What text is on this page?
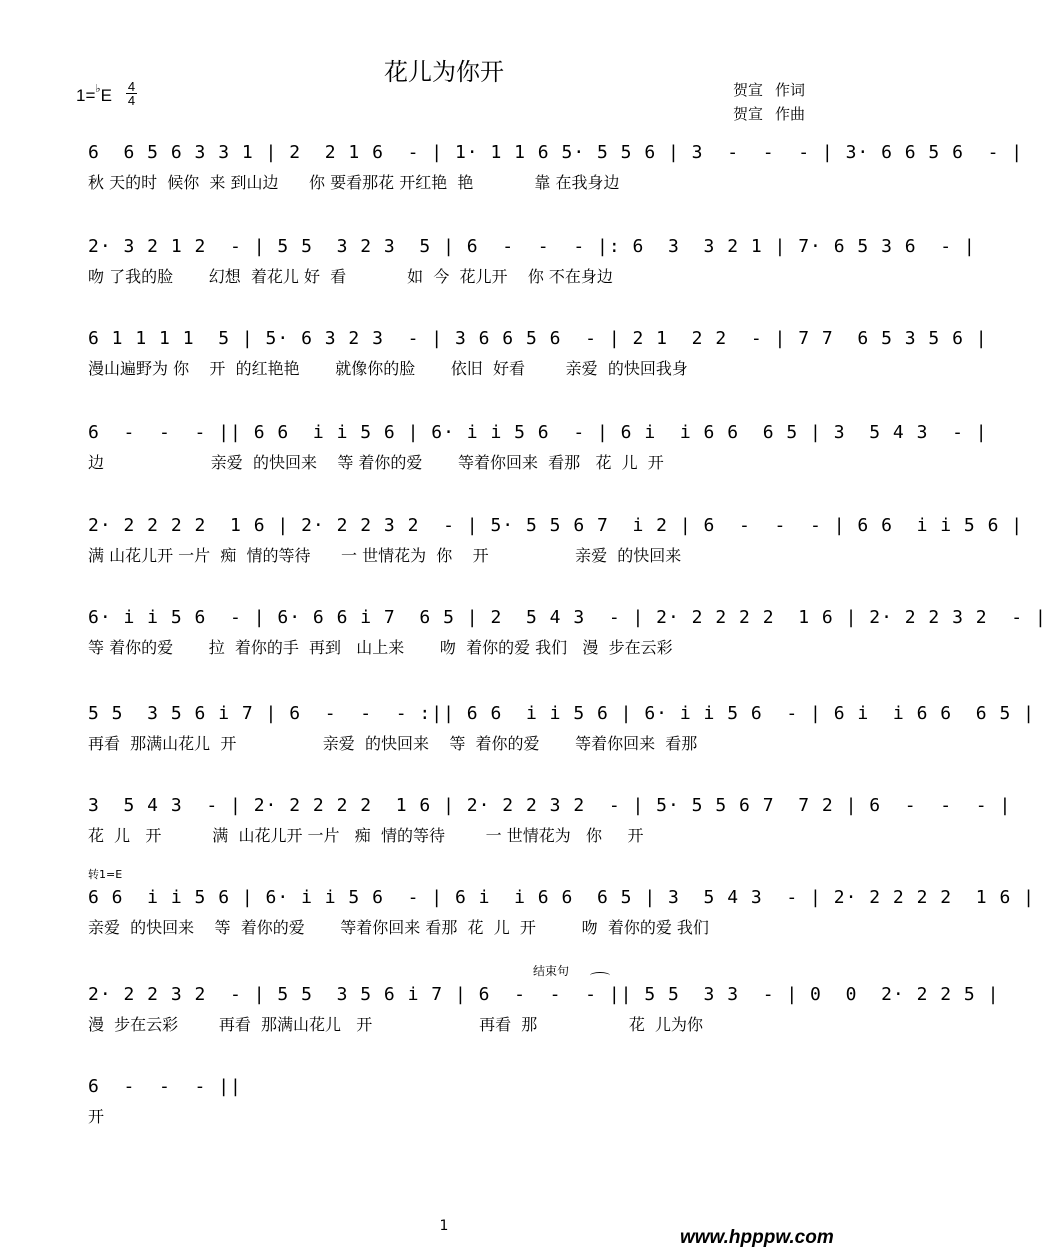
花儿为你开
1=♭E 4
4
贺宣 作词
贺宣 作曲
6  6 5 6 3 3 1 | 2  2 1 6  - | 1· 1 1 6 5· 5 5 6 | 3  -  -  - | 3· 6 6 5 6  - |
秋 天的时  候你  来 到山边      你 要看那花 开红艳  艳            靠 在我身边
2· 3 2 1 2  - | 5 5  3 2 3  5 | 6  -  -  - |: 6  3  3 2 1 | 7· 6 5 3 6  - |
吻 了我的脸       幻想  着花儿 好  看            如  今  花儿开    你 不在身边
6 1 1 1 1  5 | 5· 6 3 2 3  - | 3 6 6 5 6  - | 2 1  2 2  - | 7 7  6 5 3 5 6 |
漫山遍野为 你    开  的红艳艳       就像你的脸       依旧  好看        亲爱  的快回我身
6  -  -  - || 6 6  i i 5 6 | 6· i i 5 6  - | 6 i  i 6 6  6 5 | 3  5 4 3  - |
边                     亲爱  的快回来    等 着你的爱       等着你回来  看那   花  儿  开
2· 2 2 2 2  1 6 | 2· 2 2 3 2  - | 5· 5 5 6 7  i 2 | 6  -  -  - | 6 6  i i 5 6 |
满 山花儿开 一片  痴  情的等待      一 世情花为  你    开                 亲爱  的快回来
6· i i 5 6  - | 6· 6 6 i 7  6 5 | 2  5 4 3  - | 2· 2 2 2 2  1 6 | 2· 2 2 3 2  - |
等 着你的爱       拉  着你的手  再到   山上来       吻  着你的爱 我们   漫  步在云彩
5 5  3 5 6 i 7 | 6  -  -  - :|| 6 6  i i 5 6 | 6· i i 5 6  - | 6 i  i 6 6  6 5 |
再看  那满山花儿  开                 亲爱  的快回来    等  着你的爱       等着你回来  看那
3  5 4 3  - | 2· 2 2 2 2  1 6 | 2· 2 2 3 2  - | 5· 5 5 6 7  7 2 | 6  -  -  - |
花  儿   开          满  山花儿开 一片   痴  情的等待        一 世情花为   你     开
转1=E
6 6  i i 5 6 | 6· i i 5 6  - | 6 i  i 6 6  6 5 | 3  5 4 3  - | 2· 2 2 2 2  1 6 |
亲爱  的快回来    等  着你的爱       等着你回来 看那  花  儿  开         吻  着你的爱 我们
结束句
2· 2 2 3 2  - | 5 5  3 5 6 i 7 | 6  -  -  - || 5 5  3 3  - | 0  0  2· 2 2 5 |
漫  步在云彩        再看  那满山花儿   开                     再看  那                  花  儿为你
6  -  -  - ||
开
1
www.hpppw.com
